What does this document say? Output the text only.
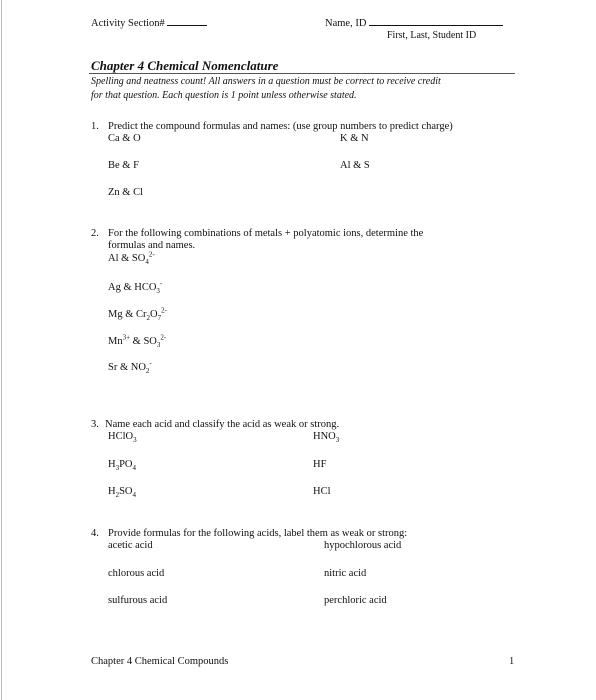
Activity Section#	Name, ID
First, Last, Student ID
Chapter 4 Chemical Nomenclature
Spelling and neatness count! All answers in a question must be correct to receive credit
for that question. Each question is 1 point unless otherwise stated.
1. Predict the compound formulas and names: (use group numbers to predict charge)
Ca & O	K & N
Be & F	Al & S
Zn & Cl
2. For the following combinations of metals + polyatomic ions, determine the
formulas and names.
Al & $SO_4^{2-}$
Ag & $HCO_3^-$
Mg & $Cr_2O_7^{2-}$
$Mn^{3+}$ & $SO_3^{2-}$
Sr & $NO_2^-$
3. Name each acid and classify the acid as weak or strong.
HClO$_3$	$HNO_3$
$H_3PO_4$	HF
$H_2SO_4$	HCl
4. Provide formulas for the following acids, label them as weak or strong:
acetic acid	hypochlorous acid
chlorous acid	nitric acid
sulfurous acid	perchloric acid
Chapter 4 Chemical Compounds	1
